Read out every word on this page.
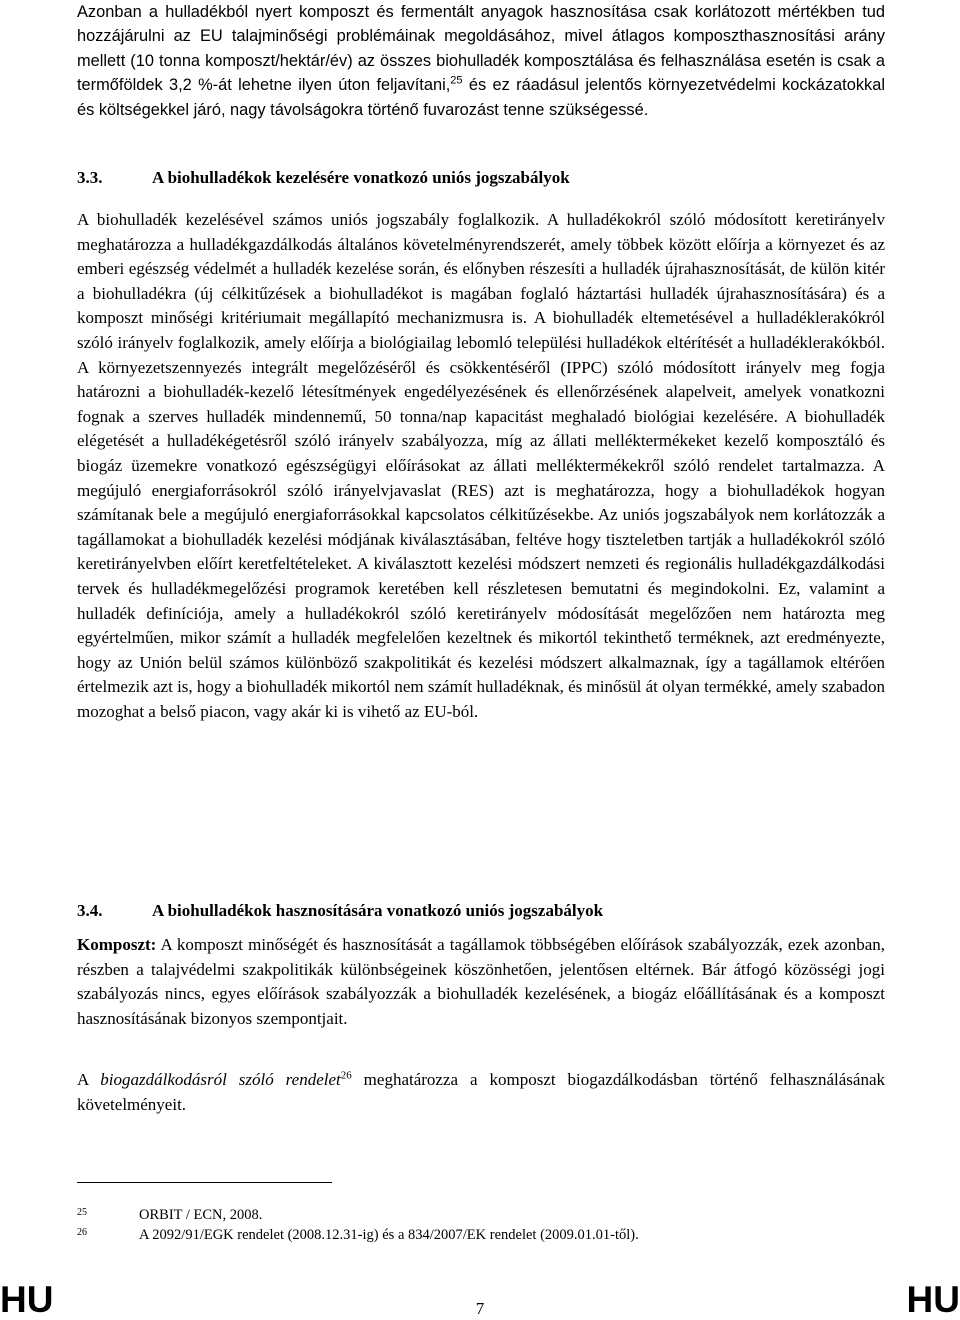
Azonban a hulladékból nyert komposzt és fermentált anyagok hasznosítása csak korlátozott mértékben tud hozzájárulni az EU talajminőségi problémáinak megoldásához, mivel átlagos komposzthasznosítási arány mellett (10 tonna komposzt/hektár/év) az összes biohulladék komposztálása és felhasználása esetén is csak a termőföldek 3,2 %-át lehetne ilyen úton feljavítani,$^{25}$ és ez ráadásul jelentős környezetvédelmi kockázatokkal és költségekkel járó, nagy távolságokra történő fuvarozást tenne szükségessé.

3.3.	A biohulladékok kezelésére vonatkozó uniós jogszabályok

A biohulladék kezelésével számos uniós jogszabály foglalkozik. A hulladékokról szóló módosított keretirányelv meghatározza a hulladékgazdálkodás általános követelményrendszerét, amely többek között előírja a környezet és az emberi egészség védelmét a hulladék kezelése során, és előnyben részesíti a hulladék újrahasznosítását, de külön kitér a biohulladékra (új célkitűzések a biohulladékot is magában foglaló háztartási hulladék újrahasznosítására) és a komposzt minőségi kritériumait megállapító mechanizmusra is. A biohulladék eltemetésével a hulladéklerakókról szóló irányelv foglalkozik, amely előírja a biológiailag lebomló települési hulladékok eltérítését a hulladéklerakókból. A környezetszennyezés integrált megelőzéséről és csökkentéséről (IPPC) szóló módosított irányelv meg fogja határozni a biohulladék-kezelő létesítmények engedélyezésének és ellenőrzésének alapelveit, amelyek vonatkozni fognak a szerves hulladék mindennemű, 50 tonna/nap kapacitást meghaladó biológiai kezelésére. A biohulladék elégetését a hulladékégetésről szóló irányelv szabályozza, míg az állati melléktermékeket kezelő komposztáló és biogáz üzemekre vonatkozó egészségügyi előírásokat az állati melléktermékekről szóló rendelet tartalmazza. A megújuló energiaforrásokról szóló irányelvjavaslat (RES) azt is meghatározza, hogy a biohulladékok hogyan számítanak bele a megújuló energiaforrásokkal kapcsolatos célkitűzésekbe. Az uniós jogszabályok nem korlátozzák a tagállamokat a biohulladék kezelési módjának kiválasztásában, feltéve hogy tiszteletben tartják a hulladékokról szóló keretirányelvben előírt keretfeltételeket. A kiválasztott kezelési módszert nemzeti és regionális hulladékgazdálkodási tervek és hulladékmegelőzési programok keretében kell részletesen bemutatni és megindokolni. Ez, valamint a hulladék definíciója, amely a hulladékokról szóló keretirányelv módosítását megelőzően nem határozta meg egyértelműen, mikor számít a hulladék megfelelően kezeltnek és mikortól tekinthető terméknek, azt eredményezte, hogy az Unión belül számos különböző szakpolitikát és kezelési módszert alkalmaznak, így a tagállamok eltérően értelmezik azt is, hogy a biohulladék mikortól nem számít hulladéknak, és minősül át olyan termékké, amely szabadon mozoghat a belső piacon, vagy akár ki is vihető az EU-ból.

3.4.	A biohulladékok hasznosítására vonatkozó uniós jogszabályok

Komposzt: A komposzt minőségét és hasznosítását a tagállamok többségében előírások szabályozzák, ezek azonban, részben a talajvédelmi szakpolitikák különbségeinek köszönhetően, jelentősen eltérnek. Bár átfogó közösségi jogi szabályozás nincs, egyes előírások szabályozzák a biohulladék kezelésének, a biogáz előállításának és a komposzt hasznosításának bizonyos szempontjait.

A biogazdálkodásról szóló rendelet$^{26}$ meghatározza a komposzt biogazdálkodásban történő felhasználásának követelményeit.

25	ORBIT / ECN, 2008.
26	A 2092/91/EGK rendelet (2008.12.31-ig) és a 834/2007/EK rendelet (2009.01.01-től).
HU	7	HU
